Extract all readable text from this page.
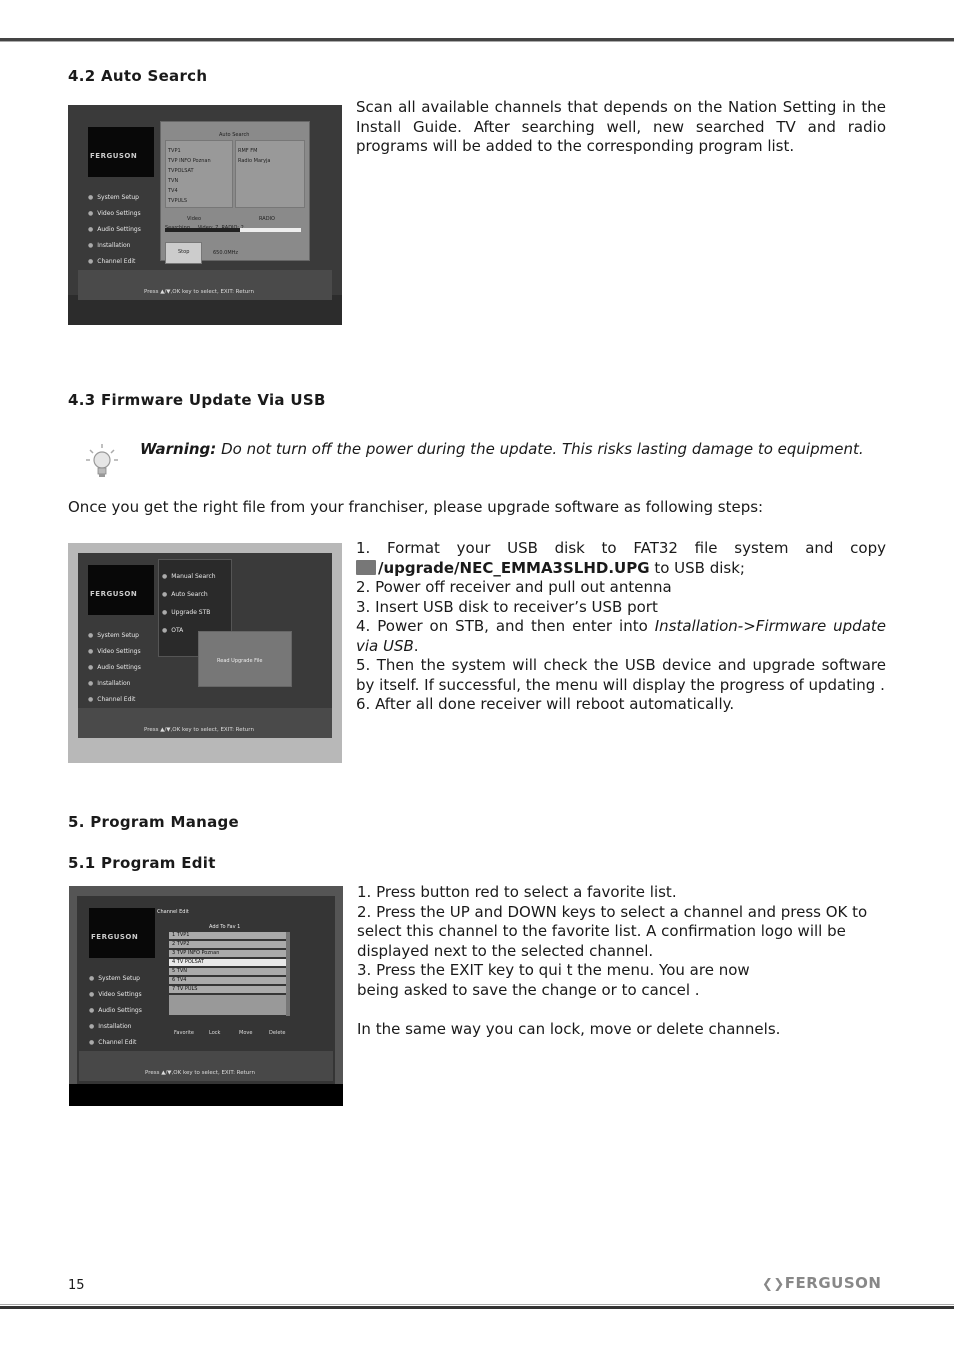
4.2 Auto Search
FERGUSON
● System Setup
● Video Settings
● Audio Settings
● Installation
● Channel Edit
Auto Search
TVP1
TVP INFO Poznan
TVPOLSAT
TVN
TV4
TVPULS
RMF FM
Radio Maryja
Video	RADIO
Stop	650.0MHz
Press ▲/▼,OK key to select, EXIT: Return
Scan all available channels that depends on the Nation Setting in the Install Guide. After searching well, new searched TV and radio programs will be added to the corresponding program list.
4.3 Firmware Update Via USB
Warning: Do not turn off the power during the update. This risks lasting damage to equipment.
Once you get the right file from your franchiser, please upgrade software as following steps:
FERGUSON
● System Setup
● Video Settings
● Audio Settings
● Installation
● Channel Edit
● Manual Search
● Auto Search
● Upgrade STB
● OTA
Read Upgrade File
Press ▲/▼,OK key to select, EXIT: Return
1. Format your USB disk to FAT32 file system and copy
/upgrade/NEC_EMMA3SLHD.UPG to USB disk;
2. Power off receiver and pull out antenna
3. Insert USB disk to receiver’s USB port
4. Power on STB, and then enter into Installation->Firmware update via USB.
5. Then the system will check the USB device and upgrade software by itself. If successful, the menu will display the progress of updating .
6. After all done receiver will reboot automatically.
5. Program Manage
5.1 Program Edit
Channel Edit
FERGUSON
● System Setup
● Video Settings
● Audio Settings
● Installation
● Channel Edit
Add To Fav 1
1 TVP1
2 TVP2
3 TVP INFO Poznan
4 TV POLSAT
5 TVN
6 TV4
7 TV PULS
Favorite	Lock	Move	Delete
Press ▲/▼,OK key to select, EXIT: Return
1. Press button red to select a favorite list.
2. Press the UP and DOWN keys to select a channel and press OK to select this channel to the favorite list. A confirmation logo will be displayed next to the selected channel.
3. Press the EXIT key to qui t the menu. You are now
being asked to save the change or to cancel .
In the same way you can lock, move or delete channels.
15	❮❯FERGUSON
